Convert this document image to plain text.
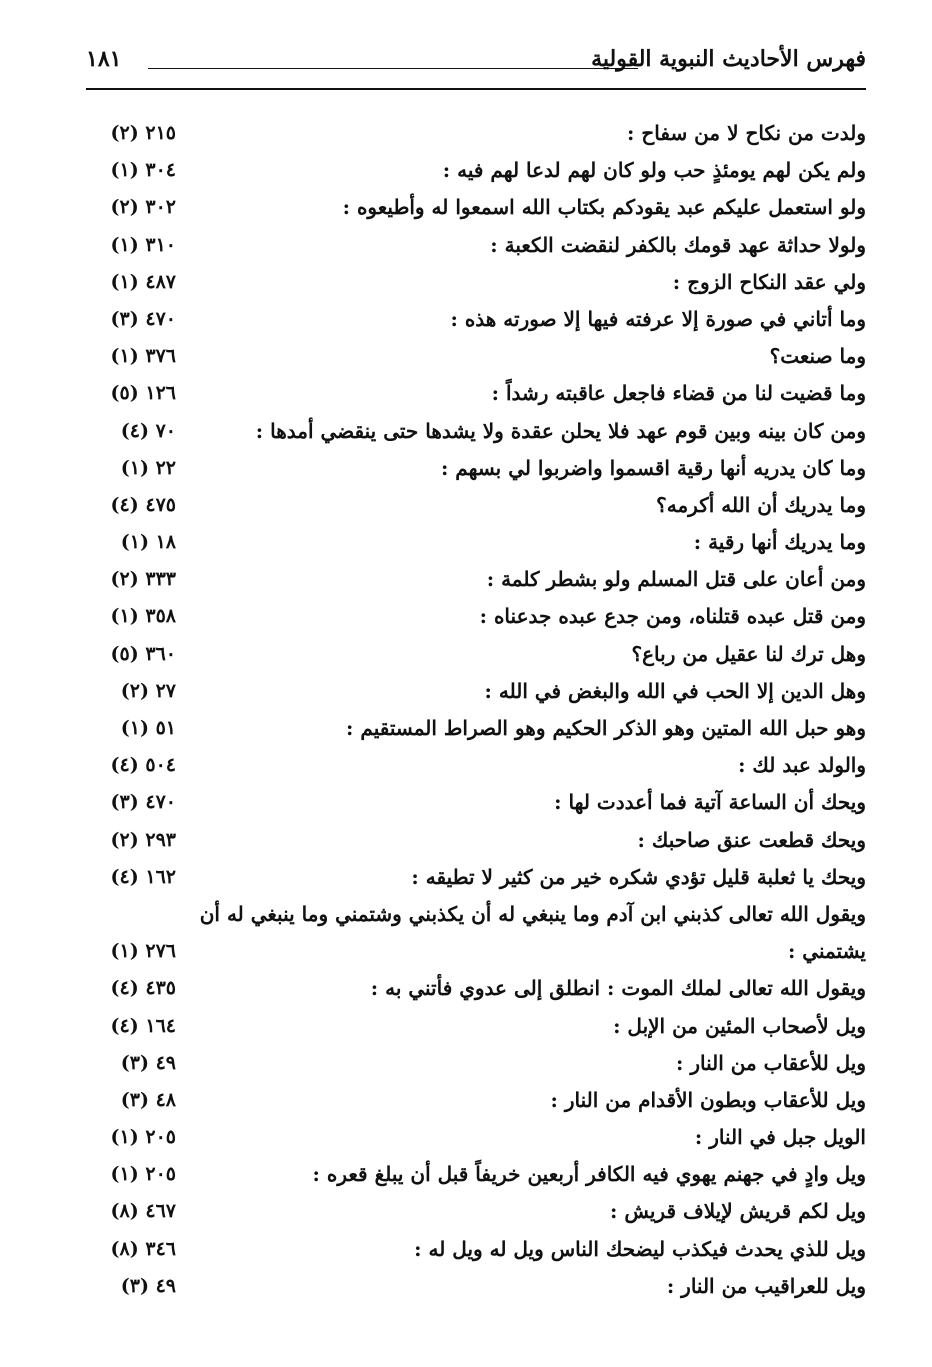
فهرس الأحاديث النبوية القولية
١٨١
ولدت من نكاح لا من سفاح :
٢١٥ (٢)
ولم يكن لهم يومئذٍ حب ولو كان لهم لدعا لهم فيه :
٣٠٤ (١)
ولو استعمل عليكم عبد يقودكم بكتاب الله اسمعوا له وأطيعوه :
٣٠٢ (٢)
ولولا حداثة عهد قومك بالكفر لنقضت الكعبة :
٣١٠ (١)
ولي عقد النكاح الزوج :
٤٨٧ (١)
وما أتاني في صورة إلا عرفته فيها إلا صورته هذه :
٤٧٠ (٣)
وما صنعت؟
٣٧٦ (١)
وما قضيت لنا من قضاء فاجعل عاقبته رشداً :
١٢٦ (٥)
ومن كان بينه وبين قوم عهد فلا يحلن عقدة ولا يشدها حتى ينقضي أمدها :
٧٠ (٤)
وما كان يدريه أنها رقية اقسموا واضربوا لي بسهم :
٢٢ (١)
وما يدريك أن الله أكرمه؟
٤٧٥ (٤)
وما يدريك أنها رقية :
١٨ (١)
ومن أعان على قتل المسلم ولو بشطر كلمة :
٣٣٣ (٢)
ومن قتل عبده قتلناه، ومن جدع عبده جدعناه :
٣٥٨ (١)
وهل ترك لنا عقيل من رباع؟
٣٦٠ (٥)
وهل الدين إلا الحب في الله والبغض في الله :
٢٧ (٢)
وهو حبل الله المتين وهو الذكر الحكيم وهو الصراط المستقيم :
٥١ (١)
والولد عبد لك :
٥٠٤ (٤)
ويحك أن الساعة آتية فما أعددت لها :
٤٧٠ (٣)
ويحك قطعت عنق صاحبك :
٢٩٣ (٢)
ويحك يا ثعلبة قليل تؤدي شكره خير من كثير لا تطيقه :
١٦٢ (٤)
ويقول الله تعالى كذبني ابن آدم وما ينبغي له أن يكذبني وشتمني وما ينبغي له أن يشتمني :
٢٧٦ (١)
ويقول الله تعالى لملك الموت : انطلق إلى عدوي فأتني به :
٤٣٥ (٤)
ويل لأصحاب المئين من الإبل :
١٦٤ (٤)
ويل للأعقاب من النار :
٤٩ (٣)
ويل للأعقاب وبطون الأقدام من النار :
٤٨ (٣)
الويل جبل في النار :
٢٠٥ (١)
ويل وادٍ في جهنم يهوي فيه الكافر أربعين خريفاً قبل أن يبلغ قعره :
٢٠٥ (١)
ويل لكم قريش لإيلاف قريش :
٤٦٧ (٨)
ويل للذي يحدث فيكذب ليضحك الناس ويل له ويل له :
٣٤٦ (٨)
ويل للعراقيب من النار :
٤٩ (٣)
